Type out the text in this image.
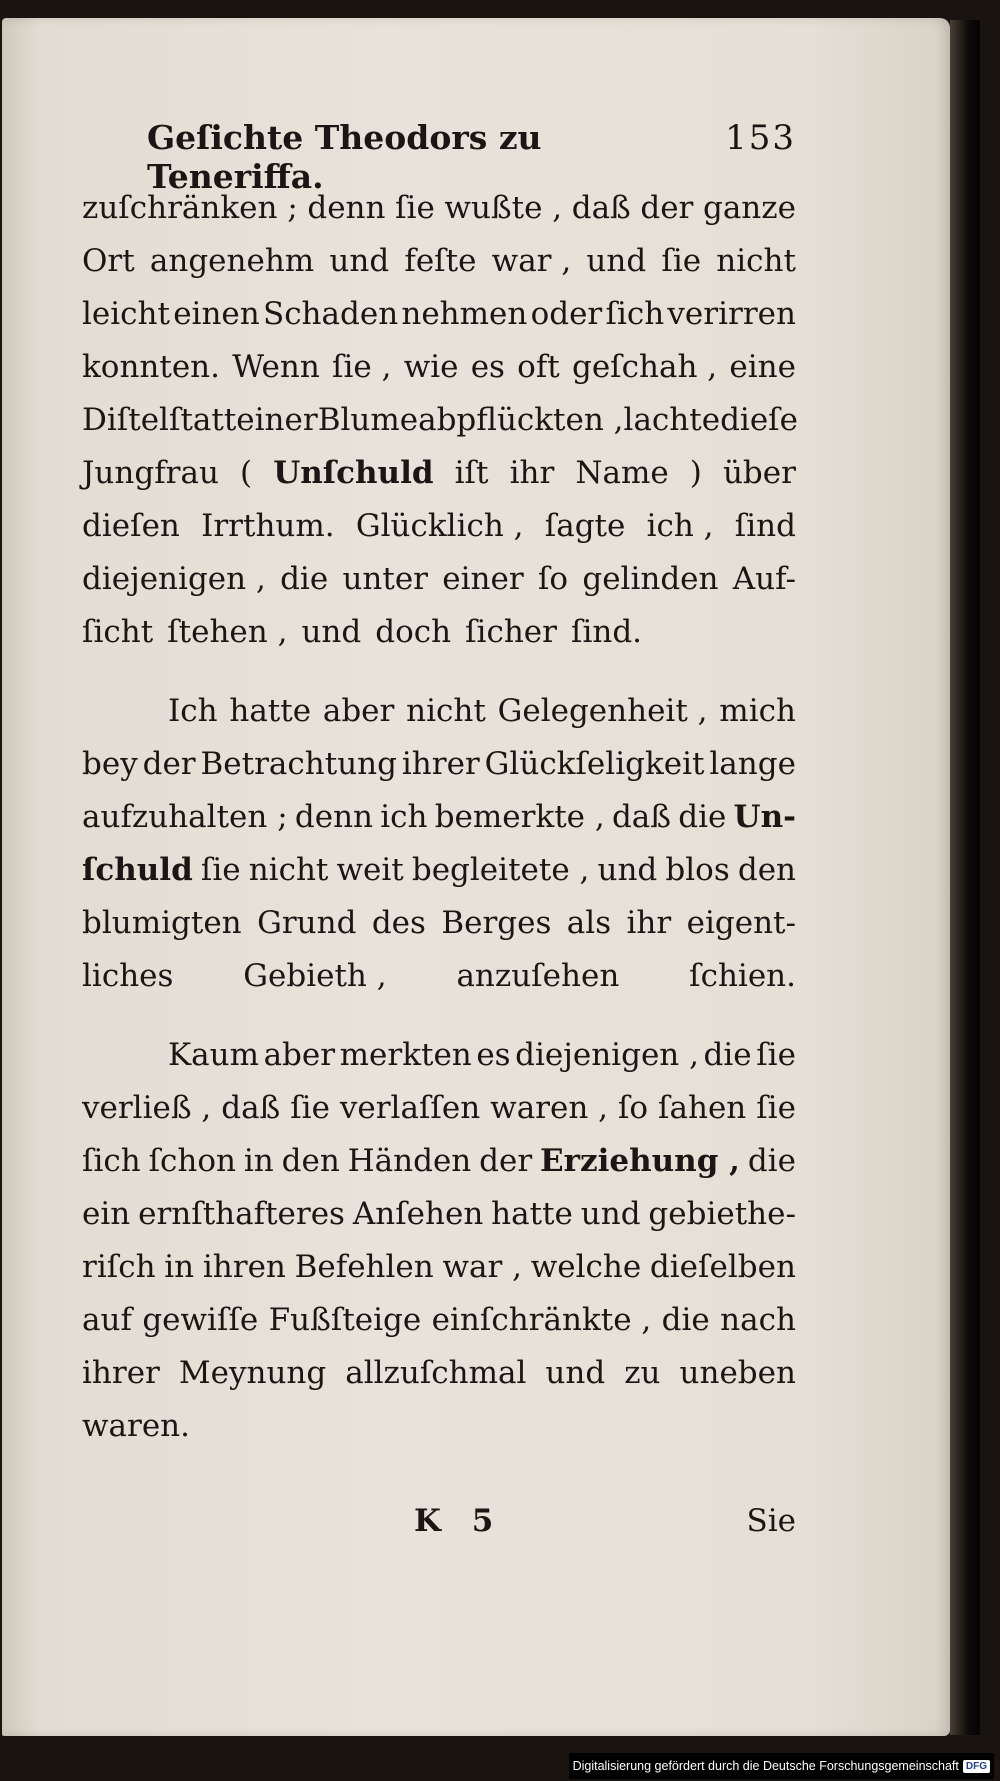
Geſichte Theodors zu Teneriffa.
153
zuſchränken ; denn ſie wußte , daß der ganze
Ort angenehm und feſte war , und ſie nicht
leicht einen Schaden nehmen oder ſich verirren
konnten. Wenn ſie , wie es oft geſchah , eine
Diſtel ſtatt einer Blume abpflückten , lachte dieſe
Jungfrau ( Unſchuld iſt ihr Name ) über
dieſen Irrthum. Glücklich , ſagte ich , ſind
diejenigen , die unter einer ſo gelinden Auf-
ſicht ſtehen , und doch ſicher ſind.
Ich hatte aber nicht Gelegenheit , mich
bey der Betrachtung ihrer Glückſeligkeit lange
aufzuhalten ; denn ich bemerkte , daß die Un-
ſchuld ſie nicht weit begleitete , und blos den
blumigten Grund des Berges als ihr eigent-
liches Gebieth , anzuſehen ſchien.
Kaum aber merkten es diejenigen , die ſie
verließ , daß ſie verlaſſen waren , ſo ſahen ſie
ſich ſchon in den Händen der Erziehung , die
ein ernſthafteres Anſehen hatte und gebiethe-
riſch in ihren Befehlen war , welche dieſelben
auf gewiſſe Fußſteige einſchränkte , die nach
ihrer Meynung allzuſchmal und zu uneben
waren.
K 5	Sie
Digitalisierung gefördert durch die Deutsche Forschungsgemeinschaft DFG
